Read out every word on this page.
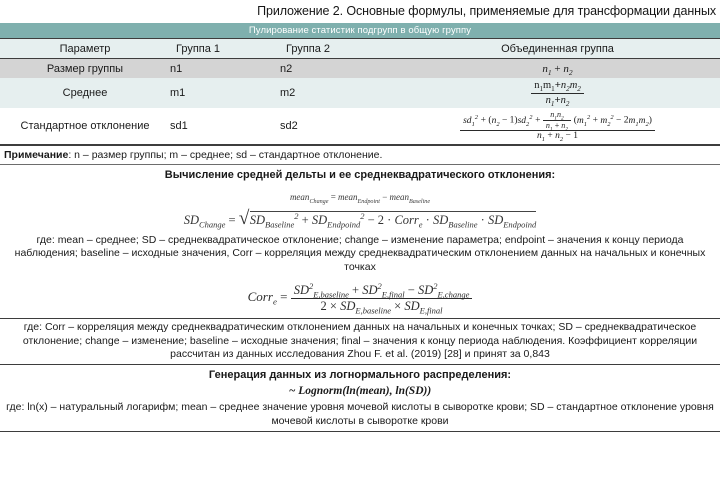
Приложение 2. Основные формулы, применяемые для трансформации данных
Пулирование статистик подгрупп в общую группу			
Параметр	Группа 1	Группа 2	Объединенная группа
Размер группы	n1	n2	$n_1 + n_2$
Среднее	m1	m2	$\frac{n_1m_1+n_2m_2}{n_1+n_2}$

Стандартное отклонение	sd1	sd2	$sd_1^2 + (n_2 - 1)sd_2^2 + \frac{n_1n_2}{n_1 + n_2} (m_1^2 + m_2^2 - 2m_1m_2)$
$n_1 + n_2 - 1$
Примечание: n – размер группы; m – среднее; sd – стандартное отклонение.
Вычисление средней дельты и ее среднеквадратического отклонения:
mean$_{Change}$ = mean$_{Endpoint}$ − mean$_{Baseline}$
$SD_{Change}$ = √ $SD_{Baseline}^2 + SD_{Endpoind}^2 - 2$ · Corr$_e$ · $SD_{Baseline} \cdot SD_{Endpoind}$
где: mean – среднее; SD – среднеквадратическое отклонение; change – изменение параметра; endpoint – значения к концу периода наблюдения; baseline – исходные значения, Corr – корреляция между среднеквадратическим отклонением данных на начальных и конечных точках
Corr$_e$ = $SD^2_{E,baseline} + SD^2_{E,final} - SD^2_{E,change}$
$2 \times SD_{E,baseline} \times SD_{E,final}$
где: Corr – корреляция между среднеквадратическим отклонением данных на начальных и конечных точках; SD – среднеквадратическое отклонение; change – изменение; baseline – исходные значения; final – значения к концу периода наблюдения. Коэффициент корреляции рассчитан из данных исследования Zhou F. et al. (2019) [28] и принят за 0,843
Генерация данных из логнормального распределения:
~ Lognorm(ln(mean), ln(SD))
где: ln(x) – натуральный логарифм; mean – среднее значение уровня мочевой кислоты в сыворотке крови; SD – стандартное отклонение уровня мочевой кислоты в сыворотке крови
